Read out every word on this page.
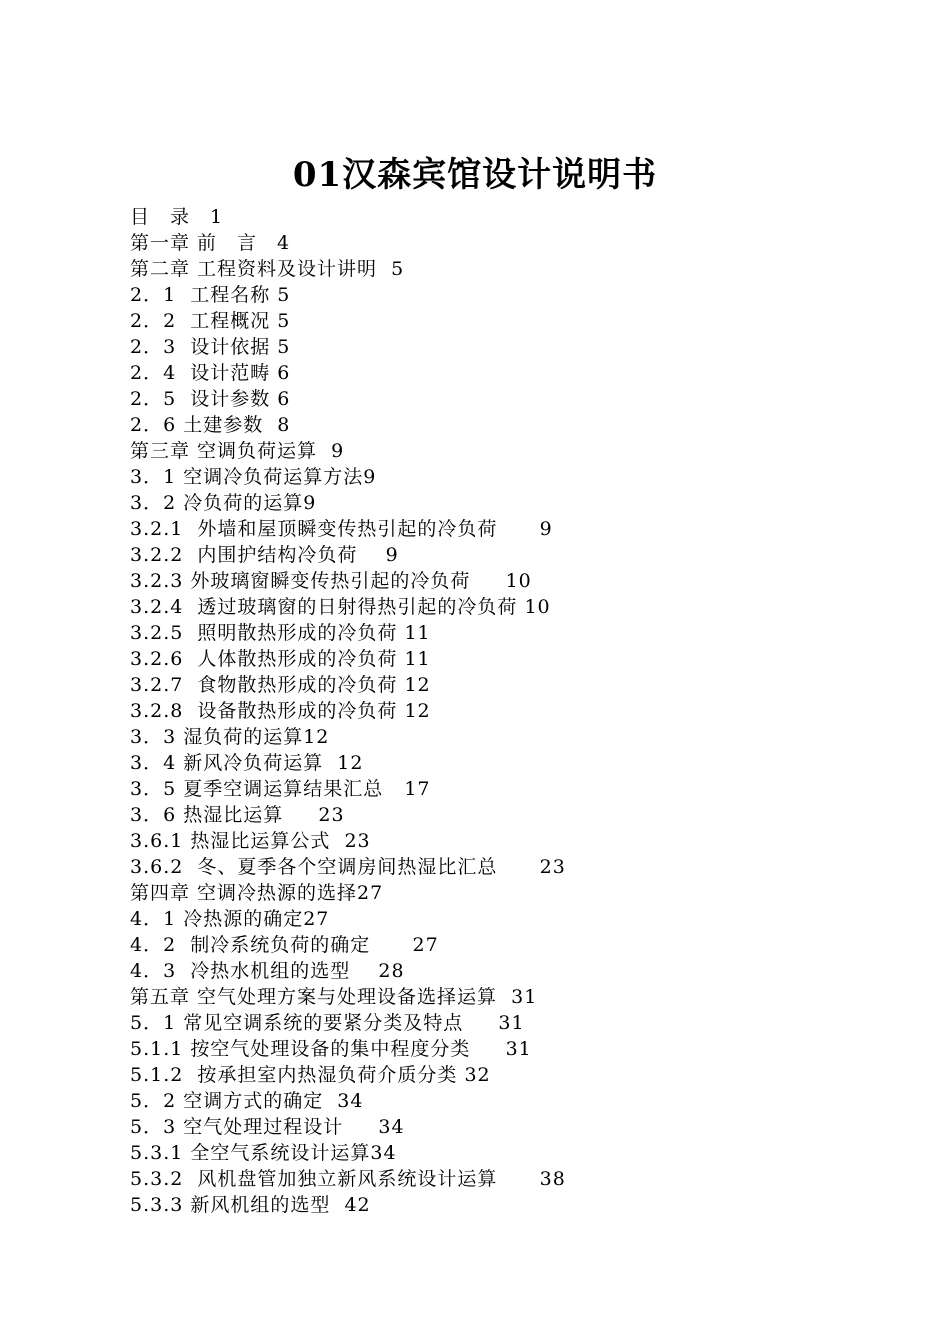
01汉森宾馆设计说明书
目　录　1
第一章 前　言　4
第二章 工程资料及设计讲明  5
2．1  工程名称 5
2．2  工程概况 5
2．3  设计依据 5
2．4  设计范畴 6
2．5  设计参数 6
2．6 土建参数  8
第三章 空调负荷运算  9
3．1 空调冷负荷运算方法9
3．2 冷负荷的运算9
3.2.1  外墙和屋顶瞬变传热引起的冷负荷      9
3.2.2  内围护结构冷负荷    9
3.2.3 外玻璃窗瞬变传热引起的冷负荷     10
3.2.4  透过玻璃窗的日射得热引起的冷负荷 10
3.2.5  照明散热形成的冷负荷 11
3.2.6  人体散热形成的冷负荷 11
3.2.7  食物散热形成的冷负荷 12
3.2.8  设备散热形成的冷负荷 12
3．3 湿负荷的运算12
3．4 新风冷负荷运算  12
3．5 夏季空调运算结果汇总   17
3．6 热湿比运算     23
3.6.1 热湿比运算公式  23
3.6.2  冬、夏季各个空调房间热湿比汇总      23
第四章 空调冷热源的选择27
4．1 冷热源的确定27
4．2  制冷系统负荷的确定      27
4．3  冷热水机组的选型    28
第五章 空气处理方案与处理设备选择运算  31
5．1 常见空调系统的要紧分类及特点     31
5.1.1 按空气处理设备的集中程度分类     31
5.1.2  按承担室内热湿负荷介质分类 32
5．2 空调方式的确定  34
5．3 空气处理过程设计     34
5.3.1 全空气系统设计运算34
5.3.2  风机盘管加独立新风系统设计运算      38
5.3.3 新风机组的选型  42
